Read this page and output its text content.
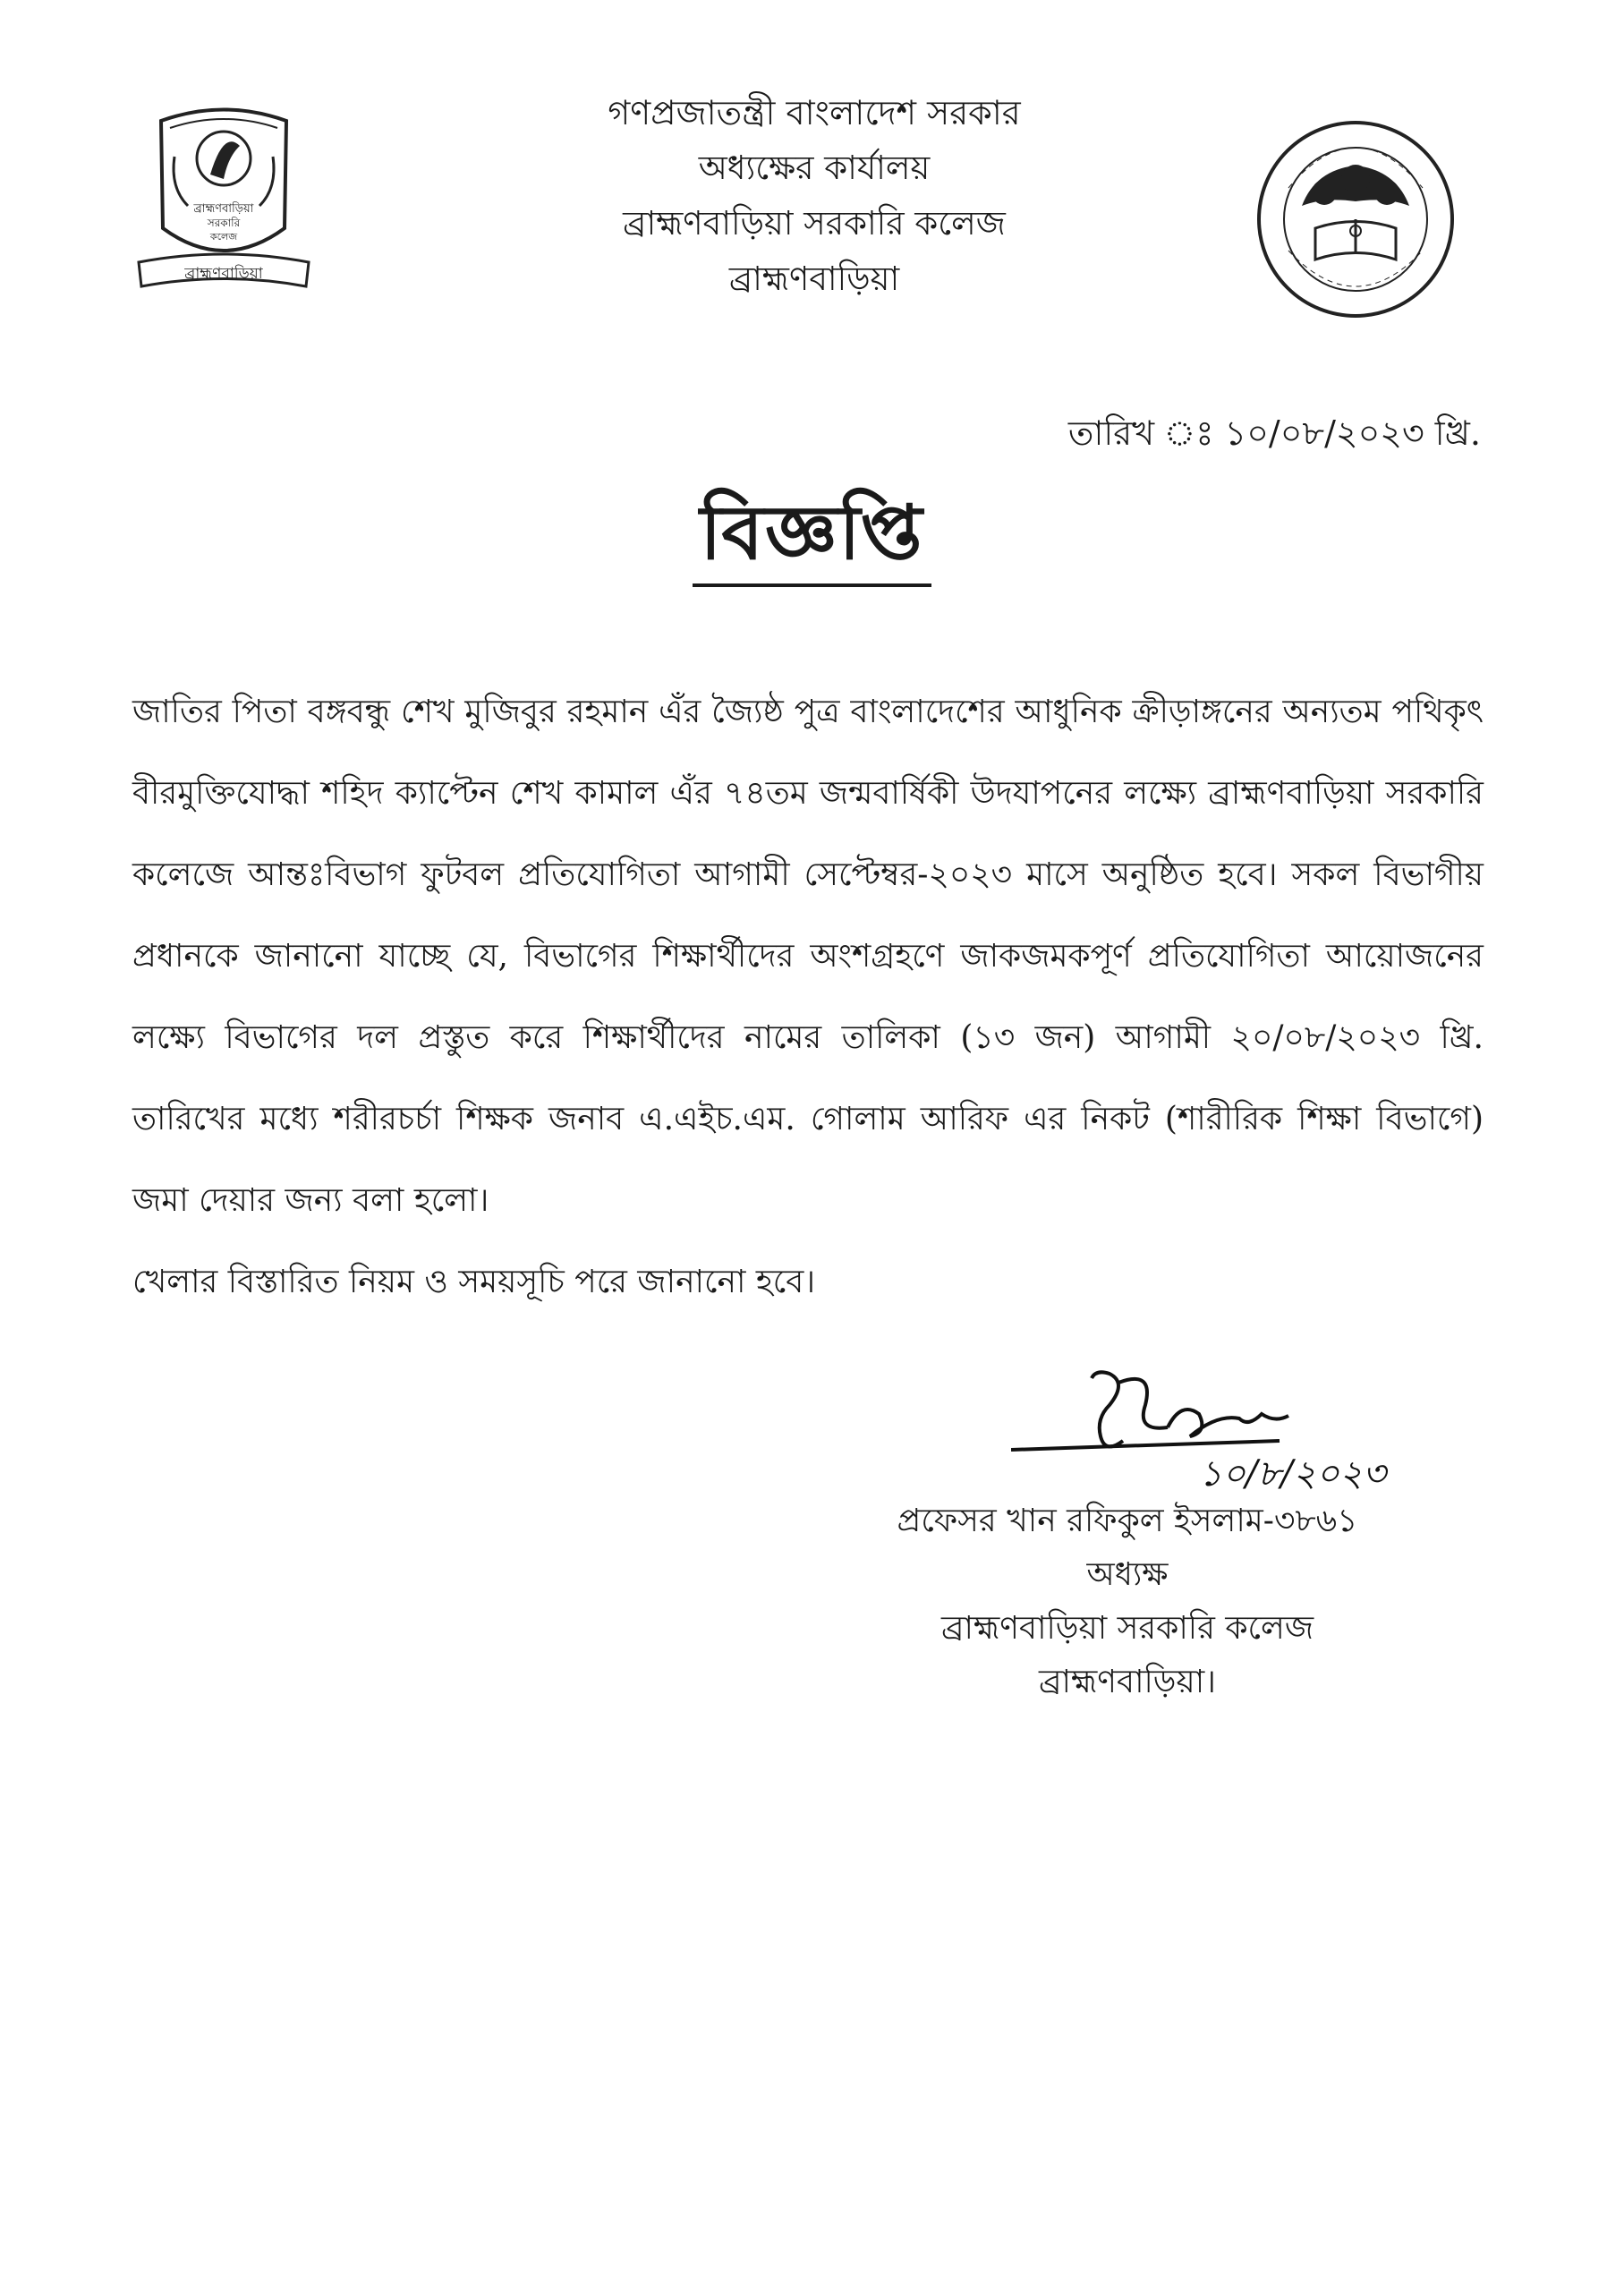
ব্রাহ্মণবাড়িয়া
সরকারি
কলেজ
ব্রাহ্মণবাড়িয়া
গণপ্রজাতন্ত্রী বাংলাদেশ সরকার
অধ্যক্ষের কার্যালয়
ব্রাহ্মণবাড়িয়া সরকারি কলেজ
ব্রাহ্মণবাড়িয়া
তারিখ ঃ ১০/০৮/২০২৩ খ্রি.
বিজ্ঞপ্তি

জাতির পিতা বঙ্গবন্ধু শেখ মুজিবুর রহমান এঁর জ্যৈষ্ঠ পুত্র বাংলাদেশের আধুনিক ক্রীড়াঙ্গনের অন্যতম পথিকৃৎ বীরমুক্তিযোদ্ধা শহিদ ক্যাপ্টেন শেখ কামাল এঁর ৭৪তম জন্মবার্ষিকী উদযাপনের লক্ষ্যে ব্রাহ্মণবাড়িয়া সরকারি কলেজে আন্তঃবিভাগ ফুটবল প্রতিযোগিতা আগামী সেপ্টেম্বর-২০২৩ মাসে অনুষ্ঠিত হবে। সকল বিভাগীয় প্রধানকে জানানো যাচ্ছে যে, বিভাগের শিক্ষার্থীদের অংশগ্রহণে জাকজমকপূর্ণ প্রতিযোগিতা আয়োজনের লক্ষ্যে বিভাগের দল প্রস্তুত করে শিক্ষার্থীদের নামের তালিকা (১৩ জন) আগামী ২০/০৮/২০২৩ খ্রি. তারিখের মধ্যে শরীরচর্চা শিক্ষক জনাব এ.এইচ.এম. গোলাম আরিফ এর নিকট (শারীরিক শিক্ষা বিভাগে) জমা দেয়ার জন্য বলা হলো।

খেলার বিস্তারিত নিয়ম ও সময়সূচি পরে জানানো হবে।

১০/৮/২০২৩
প্রফেসর খান রফিকুল ইসলাম-৩৮৬১
অধ্যক্ষ
ব্রাহ্মণবাড়িয়া সরকারি কলেজ
ব্রাহ্মণবাড়িয়া।
